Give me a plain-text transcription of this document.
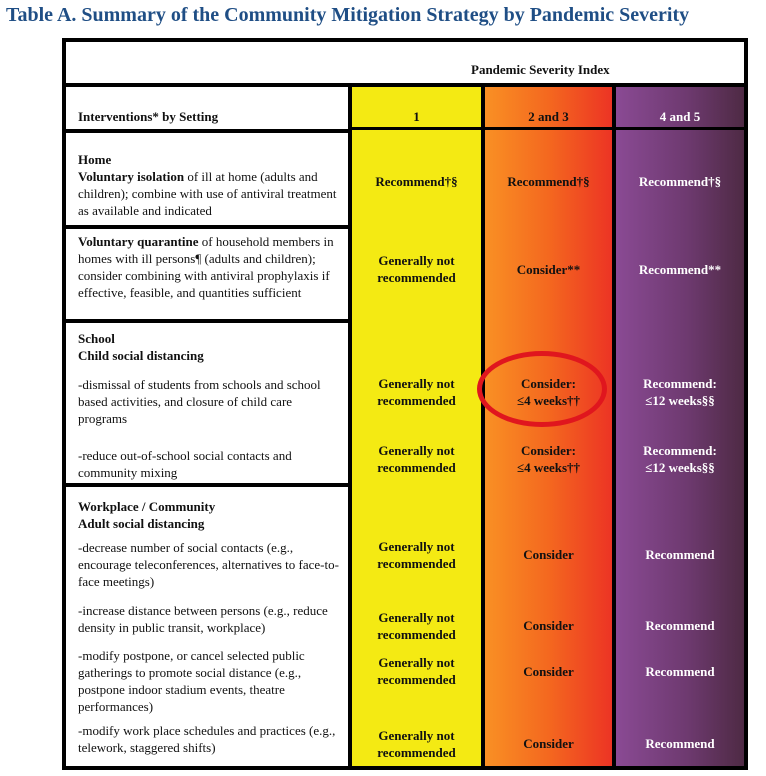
Table A. Summary of the Community Mitigation Strategy by Pandemic Severity
Pandemic Severity Index
Interventions* by Setting
Home
Voluntary isolation of ill at home (adults and children); combine with use of antiviral treatment as available and indicated
Voluntary quarantine of household members in homes with ill persons¶ (adults and children); consider combining with antiviral prophylaxis if effective, feasible, and quantities sufficient
School
Child social distancing
-dismissal of students from schools and school based activities, and closure of child care programs
-reduce out-of-school social contacts and community mixing
Workplace / Community
Adult social distancing
-decrease number of social contacts (e.g., encourage teleconferences, alternatives to face-to-face meetings)
-increase distance between persons (e.g., reduce density in public transit, workplace)
-modify postpone, or cancel selected public gatherings to promote social distance (e.g., postpone indoor stadium events, theatre performances)
-modify work place schedules and practices (e.g., telework, staggered shifts)
1
Recommend†§
Generally not recommended
Generally not recommended
Generally not recommended
Generally not recommended
Generally not recommended
Generally not recommended
Generally not recommended
2 and 3
Recommend†§
Consider**
Consider:
≤4 weeks††
Consider:
≤4 weeks††
Consider
Consider
Consider
Consider
4 and 5
Recommend†§
Recommend**
Recommend:
≤12 weeks§§
Recommend:
≤12 weeks§§
Recommend
Recommend
Recommend
Recommend
